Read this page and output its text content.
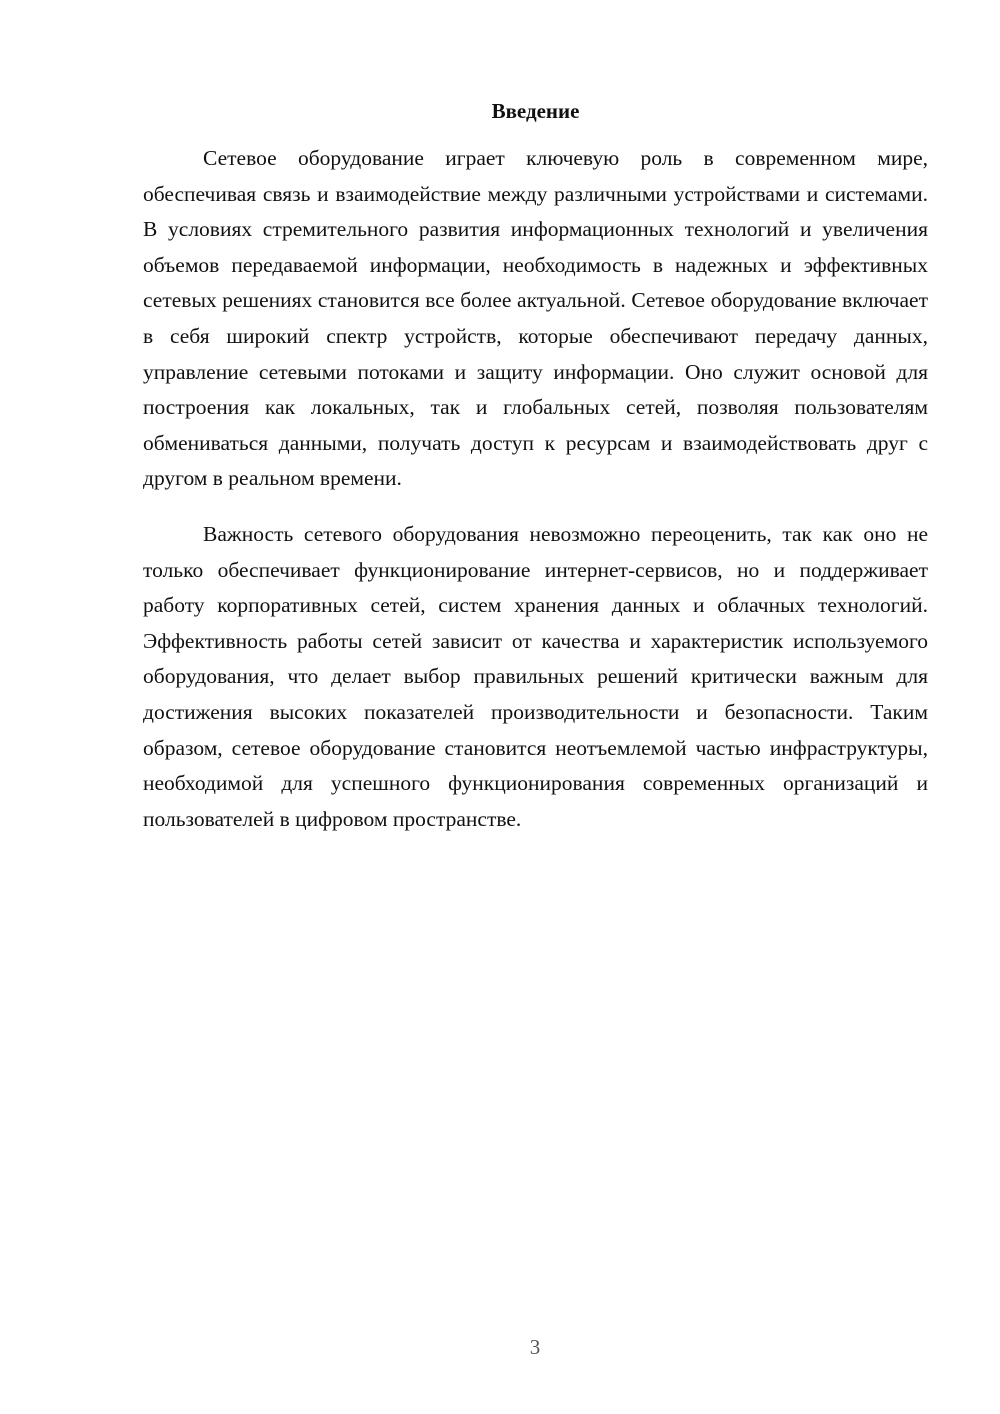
Введение

Сетевое оборудование играет ключевую роль в современном мире, обеспечивая связь и взаимодействие между различными устройствами и системами. В условиях стремительного развития информационных технологий и увеличения объемов передаваемой информации, необходимость в надежных и эффективных сетевых решениях становится все более актуальной. Сетевое оборудование включает в себя широкий спектр устройств, которые обеспечивают передачу данных, управление сетевыми потоками и защиту информации. Оно служит основой для построения как локальных, так и глобальных сетей, позволяя пользователям обмениваться данными, получать доступ к ресурсам и взаимодействовать друг с другом в реальном времени.

Важность сетевого оборудования невозможно переоценить, так как оно не только обеспечивает функционирование интернет-сервисов, но и поддерживает работу корпоративных сетей, систем хранения данных и облачных технологий. Эффективность работы сетей зависит от качества и характеристик используемого оборудования, что делает выбор правильных решений критически важным для достижения высоких показателей производительности и безопасности. Таким образом, сетевое оборудование становится неотъемлемой частью инфраструктуры, необходимой для успешного функционирования современных организаций и пользователей в цифровом пространстве.

3
